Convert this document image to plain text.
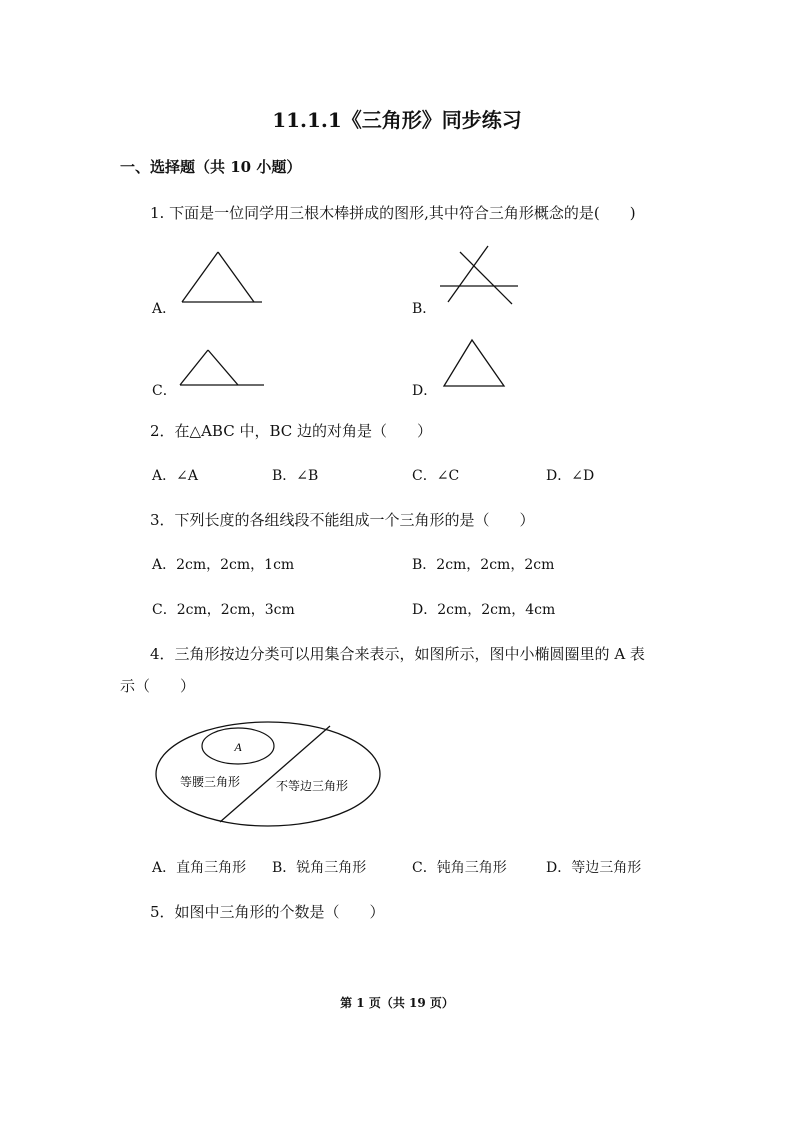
11.1.1《三角形》同步练习
一、选择题（共 10 小题）
1. 下面是一位同学用三根木棒拼成的图形,其中符合三角形概念的是(　　)
A．	B．
C．	D．
2．在△ABC 中，BC 边的对角是（　　）
A．∠A	B．∠B	C．∠C	D．∠D
3．下列长度的各组线段不能组成一个三角形的是（　　）
A．2cm，2cm，1cm	B．2cm，2cm，2cm
C．2cm，2cm，3cm	D．2cm，2cm，4cm
4．三角形按边分类可以用集合来表示，如图所示，图中小椭圆圈里的 A 表
示（　　）
A
等腰三角形	不等边三角形
A．直角三角形 B．锐角三角形	C．钝角三角形	D．等边三角形
5．如图中三角形的个数是（　　）
第 1 页（共 19 页）
